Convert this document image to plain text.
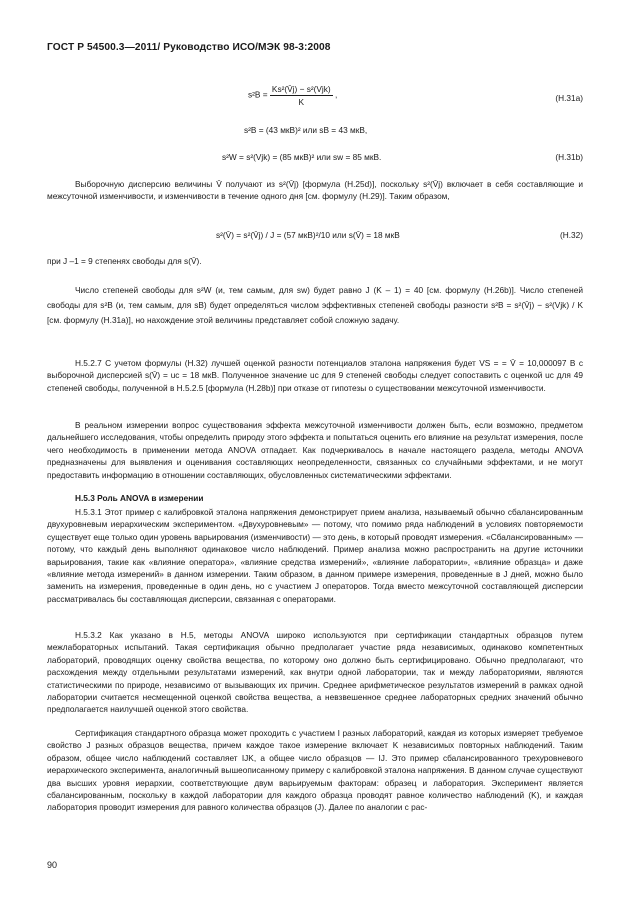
ГОСТ Р 54500.3—2011/ Руководство ИСО/МЭК 98-3:2008
$s^2B = \frac{\text{Ks²(V̄j) − s²(Vjk)}}{K}$ ,	(Н.31а)
s²B = (43 мкВ)² или sB = 43 мкВ,
s²W = s²(Vjk) = (85 мкВ)² или sw = 85 мкВ.	(Н.31b)
Выборочную дисперсию величины V̄ получают из s²(V̄j) [формула (Н.25d)], поскольку s²(V̄j) включает в себя составляющие и межсуточной изменчивости, и изменчивости в течение одного дня [см. формулу (Н.29)]. Таким образом,
s²(V̄) = s²(V̄j) / J = (57 мкВ)²/10 или s(V̄) = 18 мкВ	(Н.32)
при J –1 = 9 степенях свободы для s(V̄).
Число степеней свободы для s²W (и, тем самым, для sw) будет равно J (K – 1) = 40 [см. формулу (Н.26b)]. Число степеней свободы для s²B (и, тем самым, для sB) будет определяться числом эффективных степеней свободы разности s²B = s²(V̄j) − s²(Vjk) / K [см. формулу (Н.31а)], но нахождение этой величины представляет собой сложную задачу.
Н.5.2.7 С учетом формулы (Н.32) лучшей оценкой разности потенциалов эталона напряжения будет VS = = V̄ = 10,000097 В с выборочной дисперсией s(V̄) = uc = 18 мкВ. Полученное значение uc для 9 степеней свободы следует сопоставить с оценкой uc для 49 степеней свободы, полученной в Н.5.2.5 [формула (Н.28b)] при отказе от гипотезы о существовании межсуточной изменчивости.
В реальном измерении вопрос существования эффекта межсуточной изменчивости должен быть, если возможно, предметом дальнейшего исследования, чтобы определить природу этого эффекта и попытаться оценить его влияние на результат измерения, после чего необходимость в применении метода ANOVA отпадает. Как подчеркивалось в начале настоящего раздела, методы ANOVA предназначены для выявления и оценивания составляющих неопределенности, связанных со случайными эффектами, и не могут предоставить информацию в отношении составляющих, обусловленных систематическими эффектами.
Н.5.3 Роль ANOVA в измерении
Н.5.3.1 Этот пример с калибровкой эталона напряжения демонстрирует прием анализа, называемый обычно сбалансированным двухуровневым иерархическим экспериментом. «Двухуровневым» — потому, что помимо ряда наблюдений в условиях повторяемости существует еще только один уровень варьирования (изменчивости) — это день, в который проводят измерения. «Сбалансированным» — потому, что каждый день выполняют одинаковое число наблюдений. Пример анализа можно распространить на другие источники варьирования, такие как «влияние оператора», «влияние средства измерений», «влияние лаборатории», «влияние образца» и даже «влияние метода измерений» в данном измерении. Таким образом, в данном примере измерения, проведенные в J дней, можно было заменить на измерения, проведенные в один день, но с участием J операторов. Тогда вместо межсуточной составляющей дисперсии рассматривалась бы составляющая дисперсии, связанная с операторами.
Н.5.3.2 Как указано в Н.5, методы ANOVA широко используются при сертификации стандартных образцов путем межлабораторных испытаний. Такая сертификация обычно предполагает участие ряда независимых, одинаково компетентных лабораторий, проводящих оценку свойства вещества, по которому оно должно быть сертифицировано. Обычно предполагают, что расхождения между отдельными результатами измерений, как внутри одной лаборатории, так и между лабораториями, являются статистическими по природе, независимо от вызывающих их причин. Среднее арифметическое результатов измерений в рамках одной лаборатории считается несмещенной оценкой свойства вещества, а невзвешенное среднее лабораторных средних значений обычно предполагается наилучшей оценкой этого свойства.
Сертификация стандартного образца может проходить с участием I разных лабораторий, каждая из которых измеряет требуемое свойство J разных образцов вещества, причем каждое такое измерение включает K независимых повторных наблюдений. Таким образом, общее число наблюдений составляет IJK, а общее число образцов — IJ. Это пример сбалансированного трехуровневого иерархического эксперимента, аналогичный вышеописанному примеру с калибровкой эталона напряжения. В данном случае существуют два высших уровня иерархии, соответствующие двум варьируемым факторам: образец и лаборатория. Эксперимент является сбалансированным, поскольку в каждой лаборатории для каждого образца проводят равное количество наблюдений (K), и каждая лаборатория проводит измерения для равного количества образцов (J). Далее по аналогии с рас-
90
